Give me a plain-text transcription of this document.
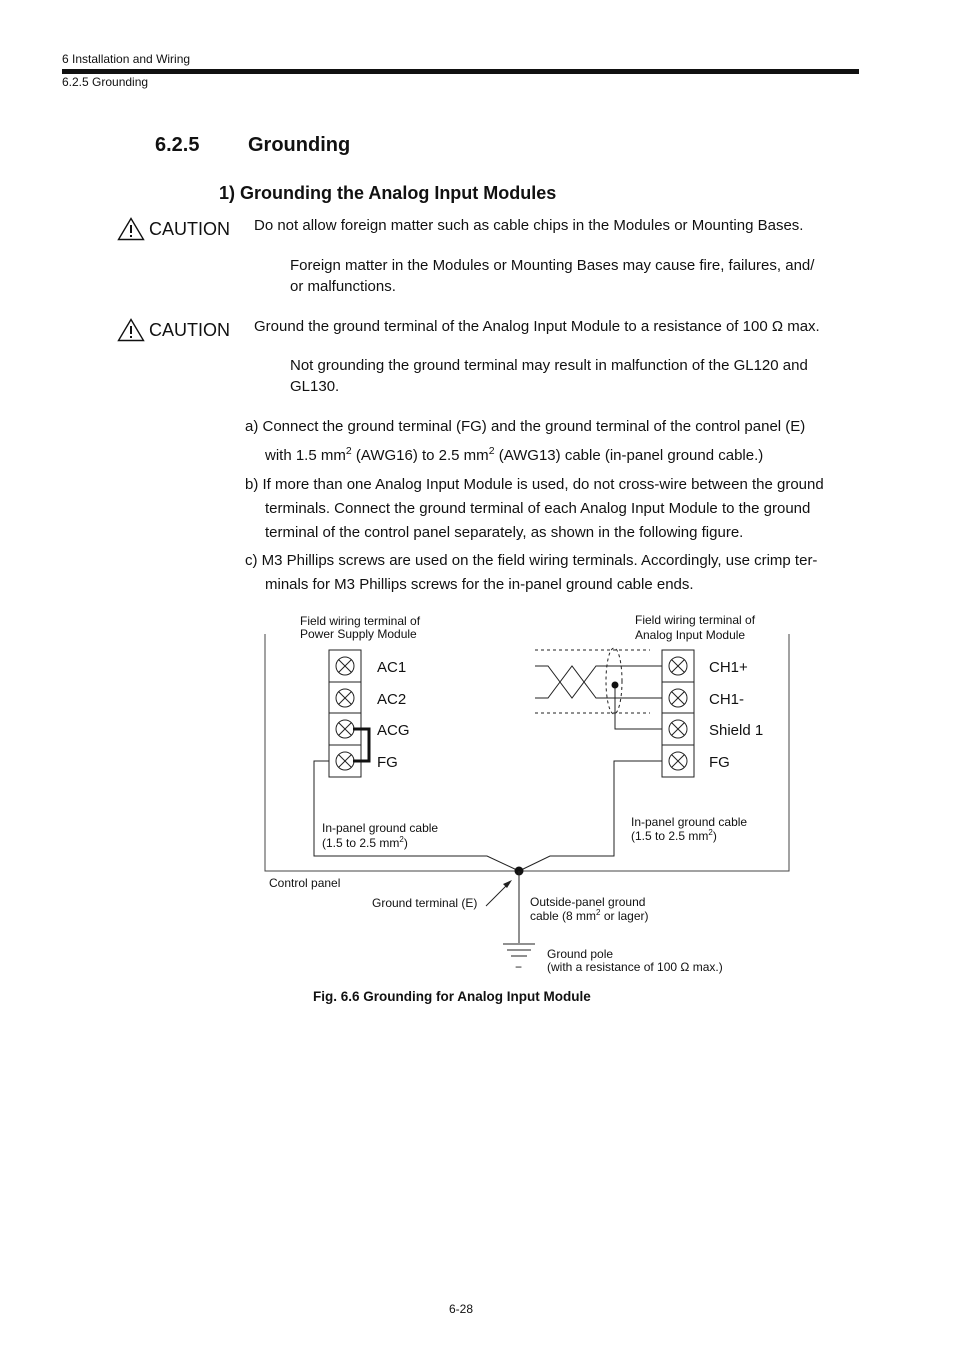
6 Installation and Wiring
6.2.5 Grounding
6.2.5 Grounding
1) Grounding the Analog Input Modules
CAUTION Do not allow foreign matter such as cable chips in the Modules or Mounting Bases.
Foreign matter in the Modules or Mounting Bases may cause fire, failures, and/
or malfunctions.
CAUTION Ground the ground terminal of the Analog Input Module to a resistance of 100 Ω max.
Not grounding the ground terminal may result in malfunction of the GL120 and
GL130.
a) Connect the ground terminal (FG) and the ground terminal of the control panel (E)
with 1.5 $mm^2$ (AWG16) to 2.5 $mm^2$ (AWG13) cable (in-panel ground cable.)
b) If more than one Analog Input Module is used, do not cross-wire between the ground
terminals. Connect the ground terminal of each Analog Input Module to the ground
terminal of the control panel separately, as shown in the following figure.
c) M3 Phillips screws are used on the field wiring terminals. Accordingly, use crimp ter-
minals for M3 Phillips screws for the in-panel ground cable ends.
Field wiring terminal of
Power Supply Module
Field wiring terminal of
Analog Input Module
AC1
AC2
ACG
FG
CH1+
CH1-
Shield 1
FG
In-panel ground cable
(1.5 to 2.5 $mm^2$)
In-panel ground cable
(1.5 to 2.5 $mm^2$)
Control panel
Ground terminal (E)	Outside-panel ground
cable (8 $mm^2$ or lager)
Ground pole
(with a resistance of 100 Ω max.)
−
Fig. 6.6 Grounding for Analog Input Module
6-28
